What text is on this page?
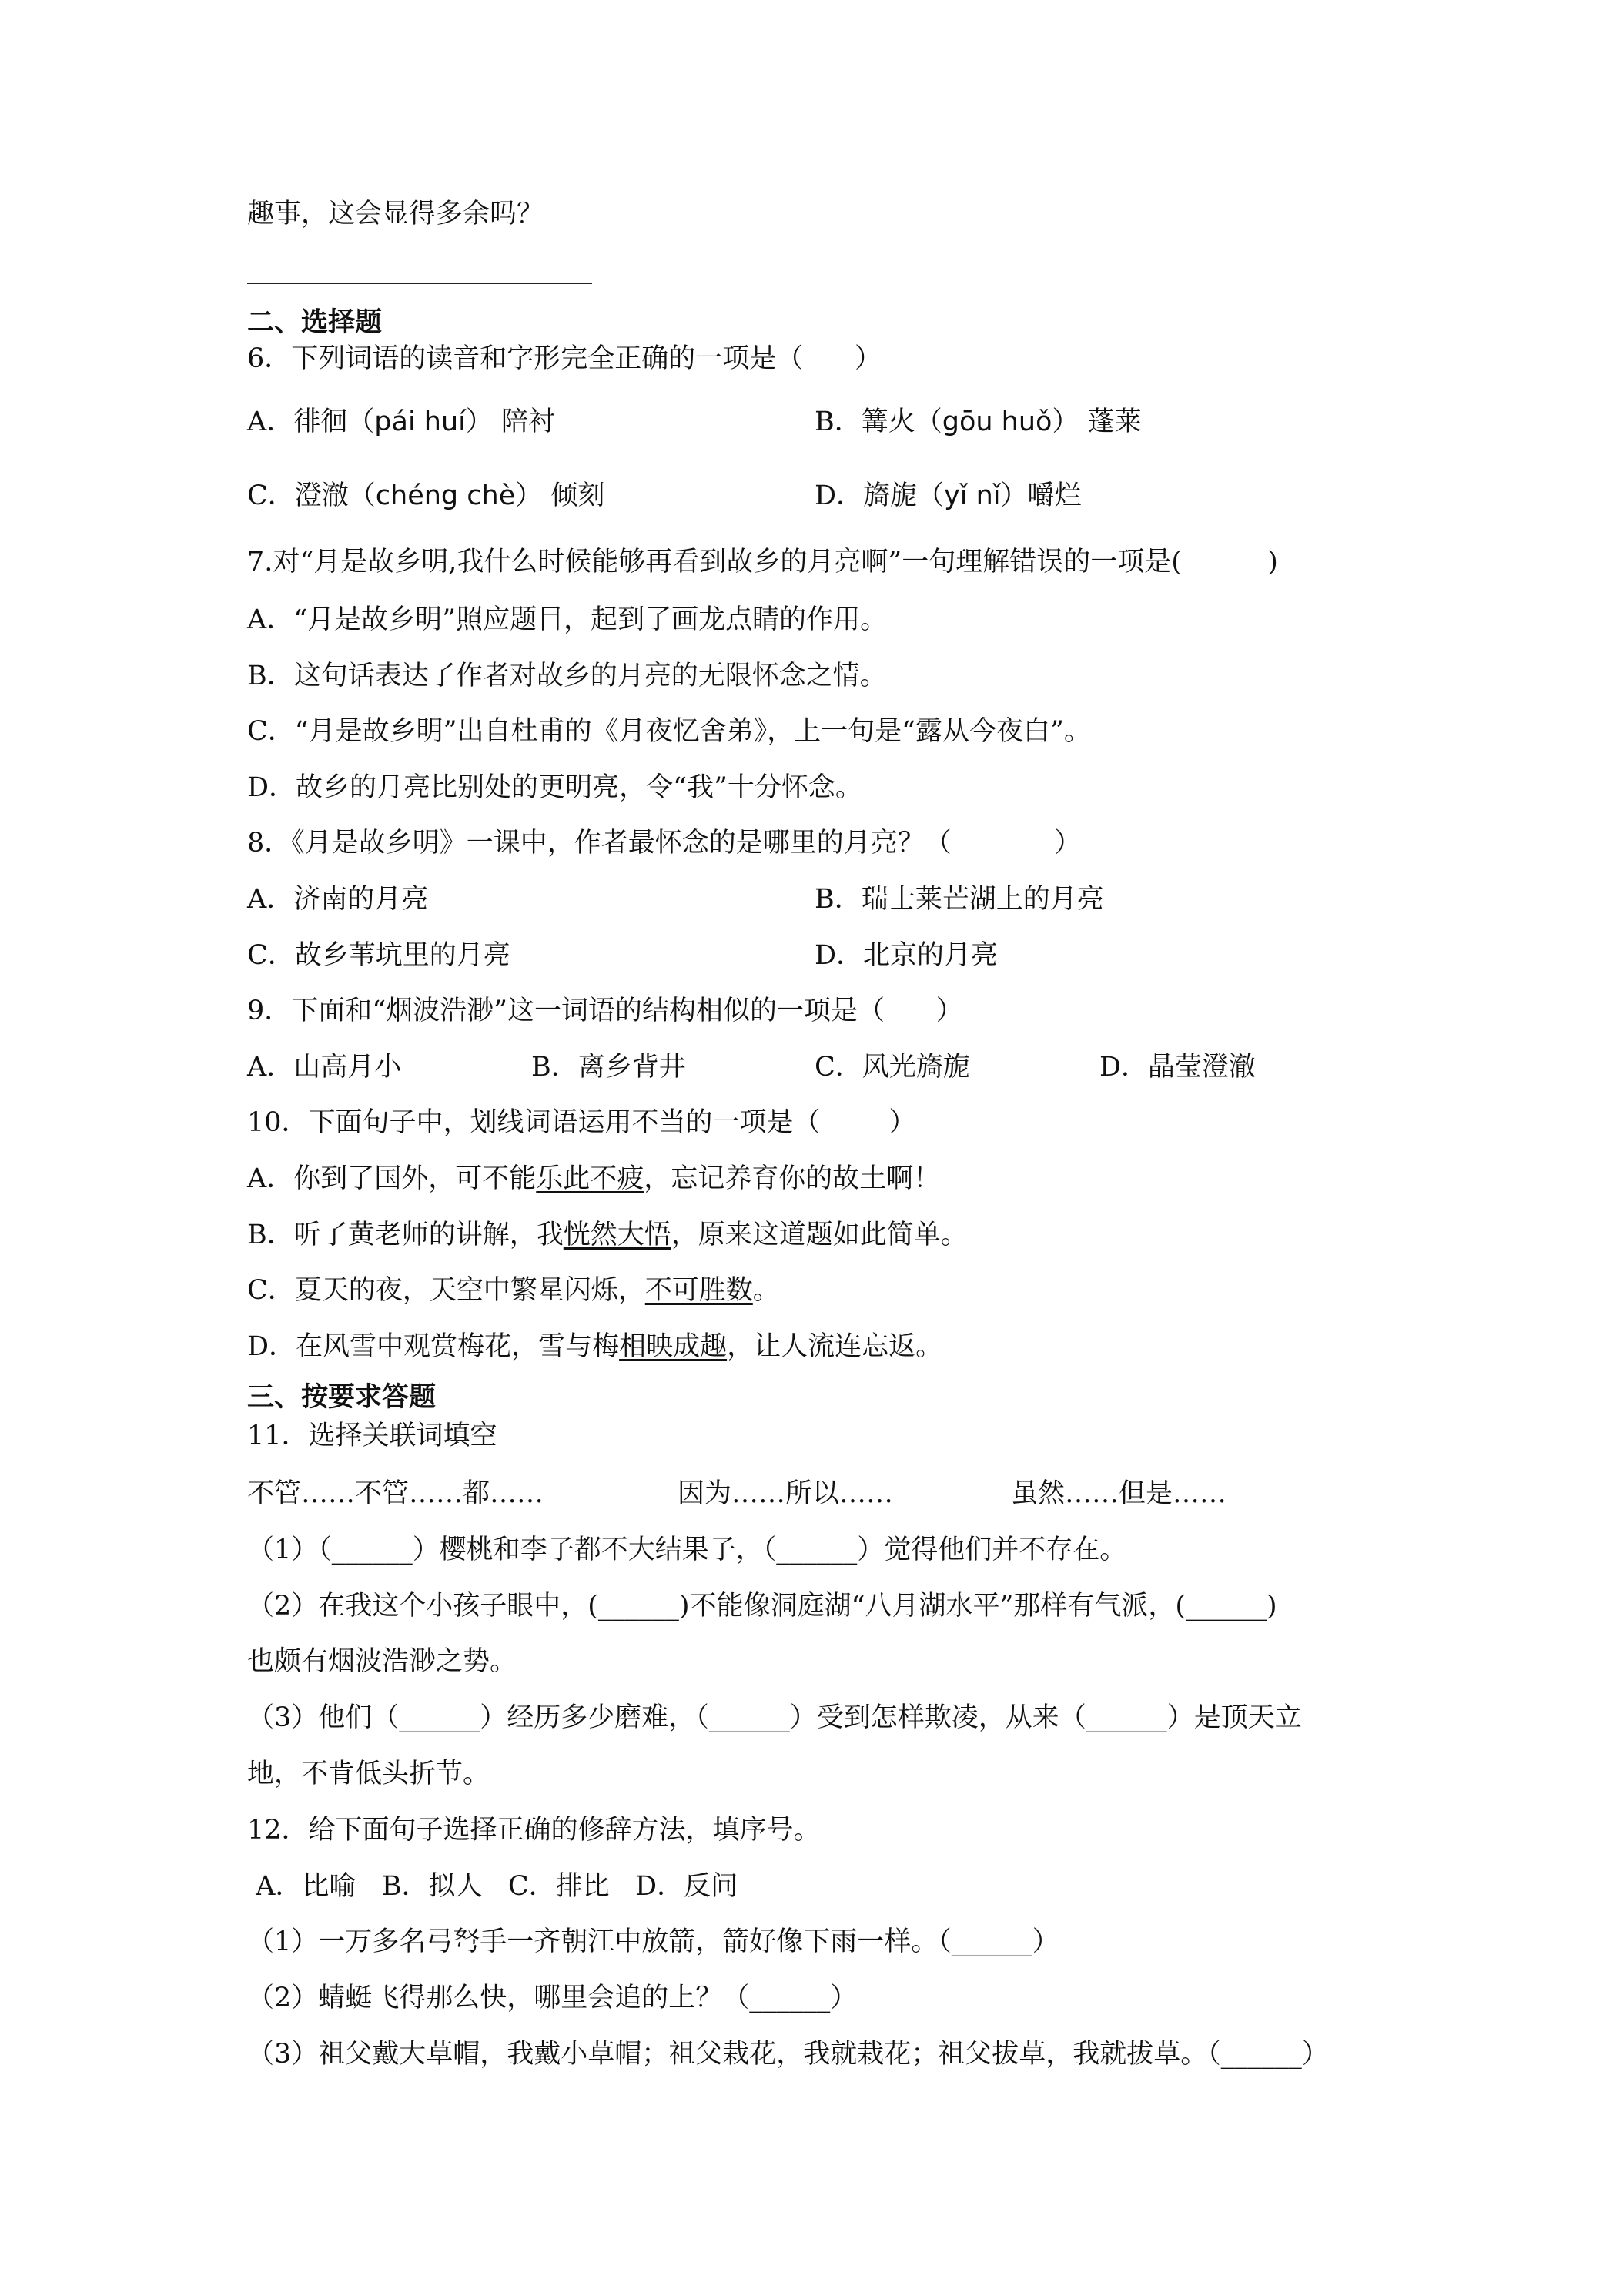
趣事，这会显得多余吗？
二、选择题
6．下列词语的读音和字形完全正确的一项是（      ）
A．徘徊（pái huí） 陪衬	B．篝火（gōu huǒ） 蓬莱
C．澄澈（chéng chè） 倾刻	D．旖旎（yǐ nǐ）嚼烂
7.对“月是故乡明,我什么时候能够再看到故乡的月亮啊”一句理解错误的一项是(          )
A．“月是故乡明”照应题目，起到了画龙点睛的作用。
B．这句话表达了作者对故乡的月亮的无限怀念之情。
C．“月是故乡明”出自杜甫的《月夜忆舍弟》，上一句是“露从今夜白”。
D．故乡的月亮比别处的更明亮，令“我”十分怀念。
8．《月是故乡明》一课中，作者最怀念的是哪里的月亮？（            ）
A．济南的月亮	B．瑞士莱芒湖上的月亮
C．故乡苇坑里的月亮	D．北京的月亮
9．下面和“烟波浩渺”这一词语的结构相似的一项是（      ）
A．山高月小	B．离乡背井	C．风光旖旎	D．晶莹澄澈
10．下面句子中，划线词语运用不当的一项是（        ）
A．你到了国外，可不能乐此不疲，忘记养育你的故土啊！
B．听了黄老师的讲解，我恍然大悟，原来这道题如此简单。
C．夏天的夜，天空中繁星闪烁，不可胜数。
D．在风雪中观赏梅花，雪与梅相映成趣，让人流连忘返。
三、按要求答题
11．选择关联词填空
不管……不管……都……	因为……所以……	虽然……但是……
（1）（______）樱桃和李子都不大结果子，（______）觉得他们并不存在。
（2）在我这个小孩子眼中，(______)不能像洞庭湖“八月湖水平”那样有气派，(______)
也颇有烟波浩渺之势。
（3）他们（______）经历多少磨难，（______）受到怎样欺凌，从来（______）是顶天立
地，不肯低头折节。
12．给下面句子选择正确的修辞方法，填序号。
A．比喻   B．拟人   C．排比   D．反问
（1）一万多名弓弩手一齐朝江中放箭，箭好像下雨一样。（______）
（2）蜻蜓飞得那么快，哪里会追的上？（______）
（3）祖父戴大草帽，我戴小草帽；祖父栽花，我就栽花；祖父拔草，我就拔草。（______）
